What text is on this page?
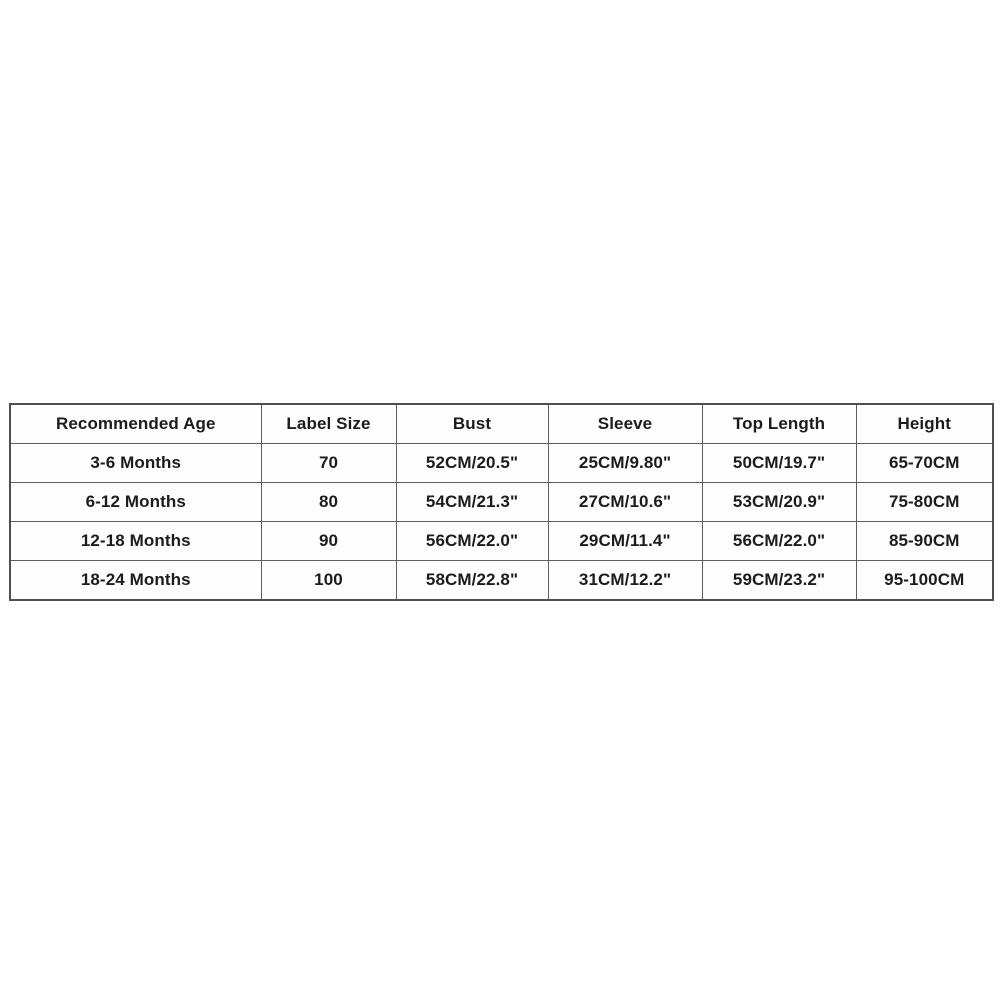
Recommended Age	Label Size	Bust	Sleeve	Top Length	Height
3-6 Months	70	52CM/20.5"	25CM/9.80"	50CM/19.7"	65-70CM
6-12 Months	80	54CM/21.3"	27CM/10.6"	53CM/20.9"	75-80CM
12-18 Months	90	56CM/22.0"	29CM/11.4"	56CM/22.0"	85-90CM
18-24 Months	100	58CM/22.8"	31CM/12.2"	59CM/23.2"	95-100CM
